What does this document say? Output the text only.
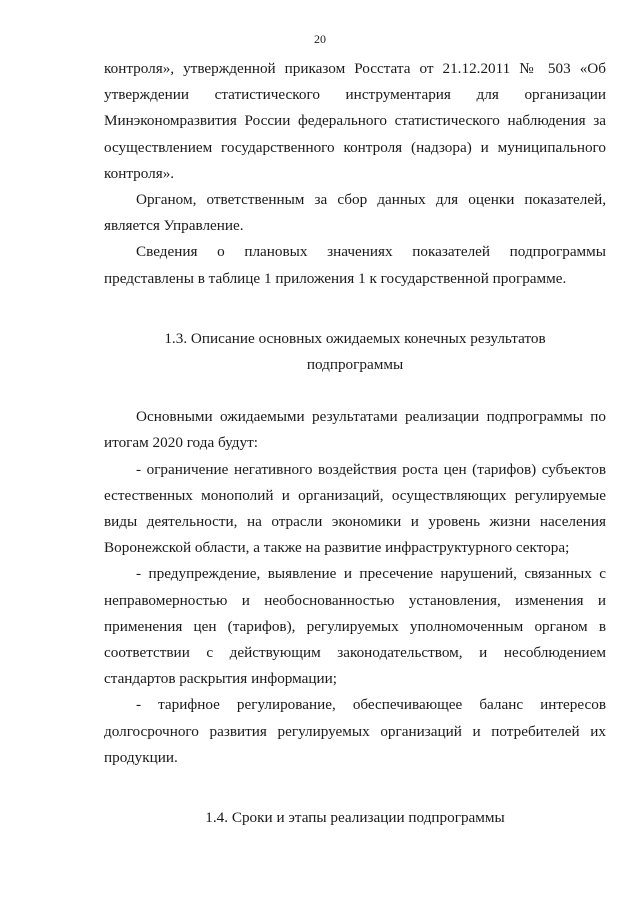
20

контроля», утвержденной приказом Росстата от 21.12.2011 № 503 «Об утверждении статистического инструментария для организации Минэкономразвития России федерального статистического наблюдения за осуществлением государственного контроля (надзора) и муниципального контроля».

Органом, ответственным за сбор данных для оценки показателей, является Управление.

Сведения о плановых значениях показателей подпрограммы представлены в таблице 1 приложения 1 к государственной программе.

1.3. Описание основных ожидаемых конечных результатов
подпрограммы

Основными ожидаемыми результатами реализации подпрограммы по итогам 2020 года будут:

- ограничение негативного воздействия роста цен (тарифов) субъектов естественных монополий и организаций, осуществляющих регулируемые виды деятельности, на отрасли экономики и уровень жизни населения Воронежской области, а также на развитие инфраструктурного сектора;

- предупреждение, выявление и пресечение нарушений, связанных с неправомерностью и необоснованностью установления, изменения и применения цен (тарифов), регулируемых уполномоченным органом в соответствии с действующим законодательством, и несоблюдением стандартов раскрытия информации;

- тарифное регулирование, обеспечивающее баланс интересов долгосрочного развития регулируемых организаций и потребителей их продукции.

1.4. Сроки и этапы реализации подпрограммы
